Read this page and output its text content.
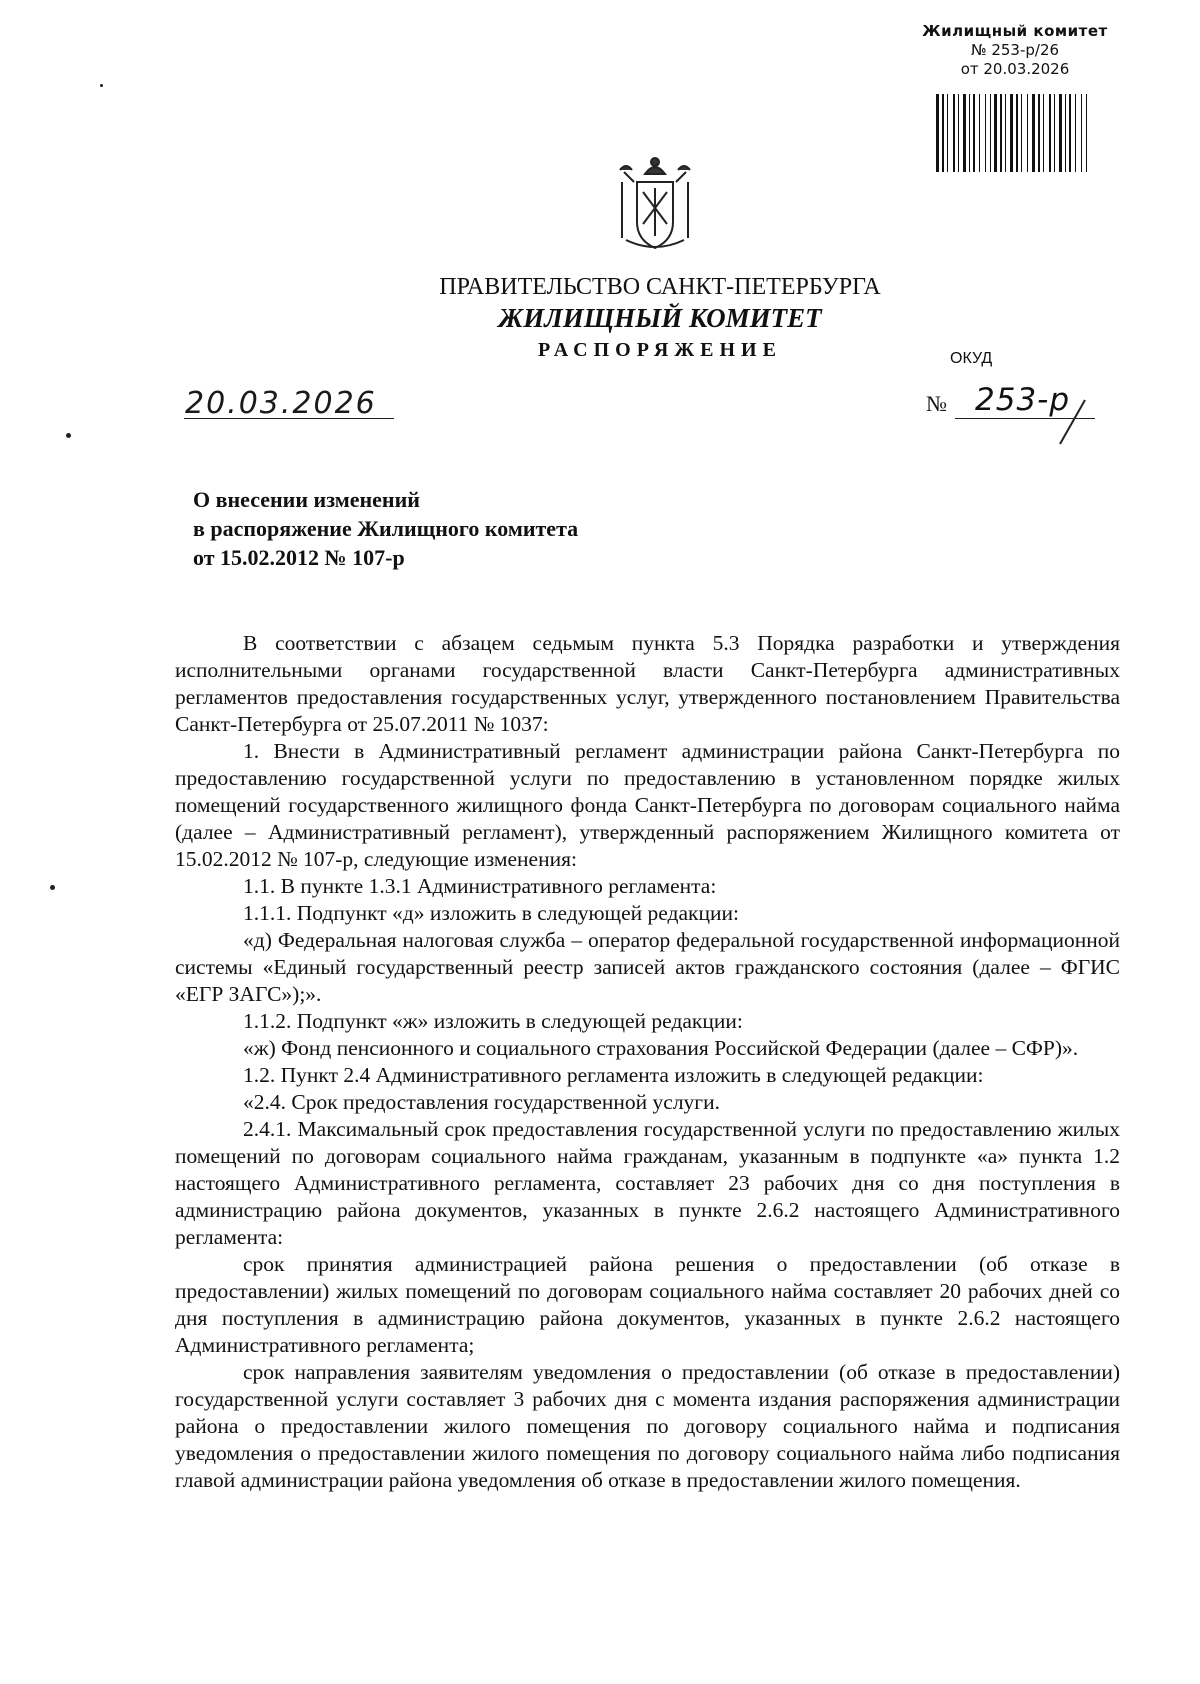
Жилищный комитет
№ 253-р/26
от 20.03.2026
ПРАВИТЕЛЬСТВО САНКТ-ПЕТЕРБУРГА
ЖИЛИЩНЫЙ КОМИТЕТ
РАСПОРЯЖЕНИЕ	ОКУД
20.03.2026	№ 253-р
О внесении изменений
в распоряжение Жилищного комитета
от 15.02.2012 № 107-р

В соответствии с абзацем седьмым пункта 5.3 Порядка разработки и утверждения исполнительными органами государственной власти Санкт-Петербурга административных регламентов предоставления государственных услуг, утвержденного постановлением Правительства Санкт-Петербурга от 25.07.2011 № 1037:

1. Внести в Административный регламент администрации района Санкт-Петербурга по предоставлению государственной услуги по предоставлению в установленном порядке жилых помещений государственного жилищного фонда Санкт-Петербурга по договорам социального найма (далее – Административный регламент), утвержденный распоряжением Жилищного комитета от 15.02.2012 № 107-р, следующие изменения:

1.1. В пункте 1.3.1 Административного регламента:

1.1.1. Подпункт «д» изложить в следующей редакции:

«д) Федеральная налоговая служба – оператор федеральной государственной информационной системы «Единый государственный реестр записей актов гражданского состояния (далее – ФГИС «ЕГР ЗАГС»);».

1.1.2. Подпункт «ж» изложить в следующей редакции:

«ж) Фонд пенсионного и социального страхования Российской Федерации (далее – СФР)».

1.2. Пункт 2.4 Административного регламента изложить в следующей редакции:

«2.4. Срок предоставления государственной услуги.

2.4.1. Максимальный срок предоставления государственной услуги по предоставлению жилых помещений по договорам социального найма гражданам, указанным в подпункте «а» пункта 1.2 настоящего Административного регламента, составляет 23 рабочих дня со дня поступления в администрацию района документов, указанных в пункте 2.6.2 настоящего Административного регламента:

срок принятия администрацией района решения о предоставлении (об отказе в предоставлении) жилых помещений по договорам социального найма составляет 20 рабочих дней со дня поступления в администрацию района документов, указанных в пункте 2.6.2 настоящего Административного регламента;

срок направления заявителям уведомления о предоставлении (об отказе в предоставлении) государственной услуги составляет 3 рабочих дня с момента издания распоряжения администрации района о предоставлении жилого помещения по договору социального найма и подписания уведомления о предоставлении жилого помещения по договору социального найма либо подписания главой администрации района уведомления об отказе в предоставлении жилого помещения.
